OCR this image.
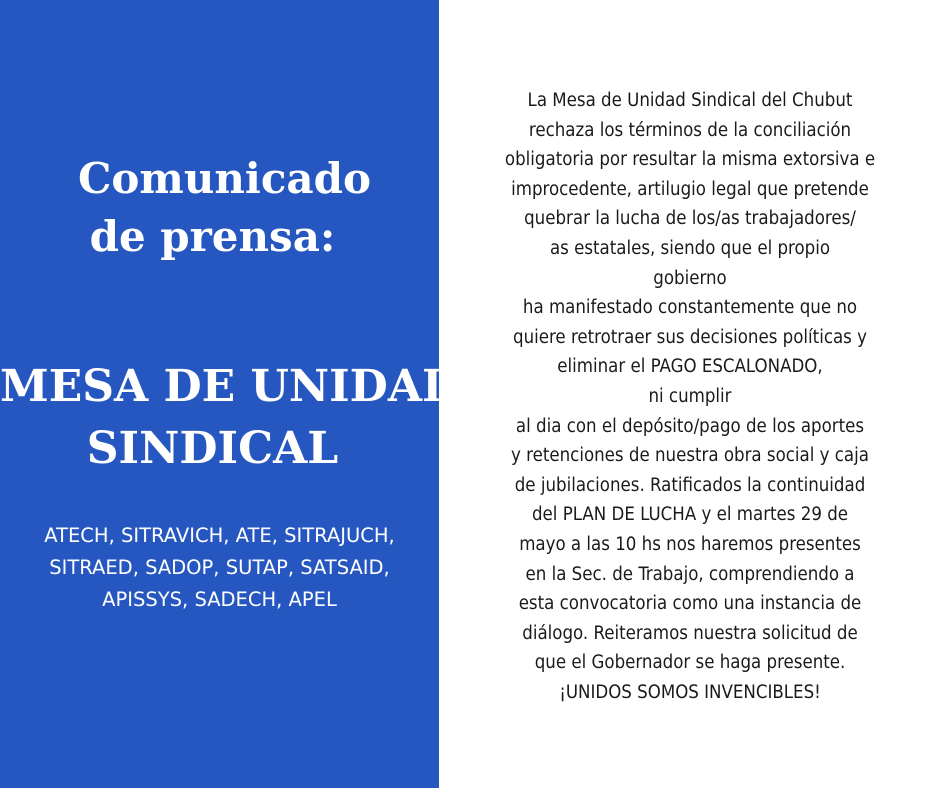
Comunicado
de prensa:
MESA DE UNIDAD
SINDICAL
ATECH, SITRAVICH, ATE, SITRAJUCH,
SITRAED, SADOP, SUTAP, SATSAID,
APISSYS, SADECH, APEL
La Mesa de Unidad Sindical del Chubut
rechaza los términos de la conciliación
obligatoria por resultar la misma extorsiva e
improcedente, artilugio legal que pretende
quebrar la lucha de los/as trabajadores/
as estatales, siendo que el propio
gobierno
ha manifestado constantemente que no
quiere retrotraer sus decisiones políticas y
eliminar el PAGO ESCALONADO,
ni cumplir
al dia con el depósito/pago de los aportes
y retenciones de nuestra obra social y caja
de jubilaciones. Ratificados la continuidad
del PLAN DE LUCHA y el martes 29 de
mayo a las 10 hs nos haremos presentes
en la Sec. de Trabajo, comprendiendo a
esta convocatoria como una instancia de
diálogo. Reiteramos nuestra solicitud de
que el Gobernador se haga presente.
¡UNIDOS SOMOS INVENCIBLES!
